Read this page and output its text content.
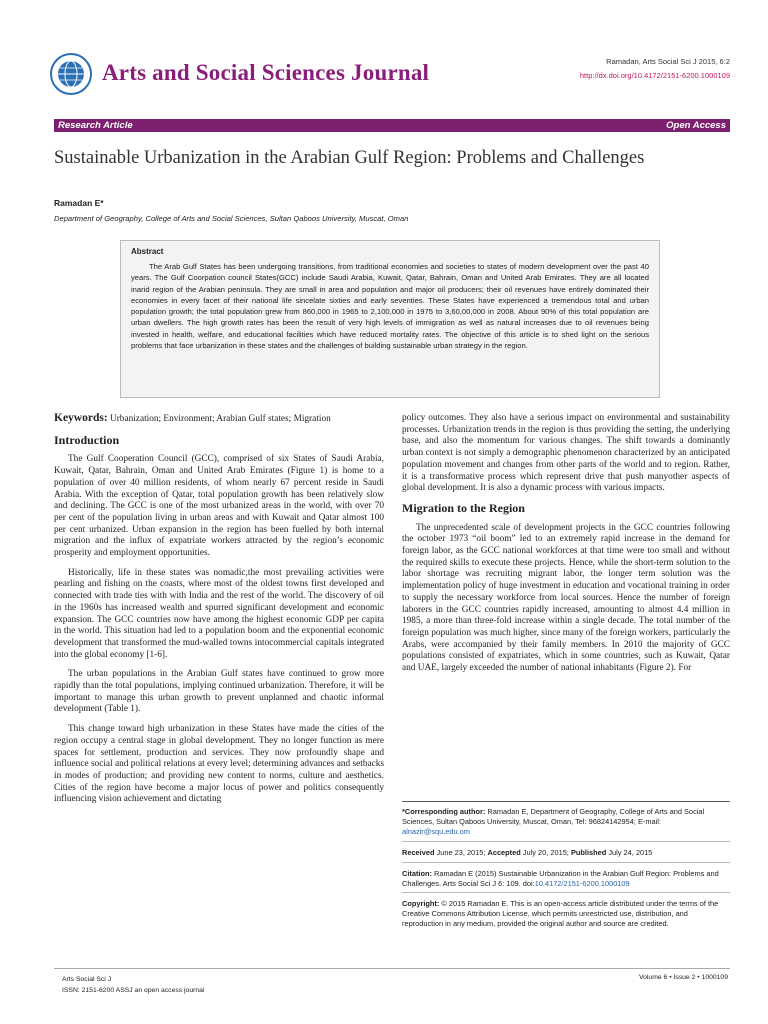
Arts and Social Sciences Journal	Ramadan, Arts Social Sci J 2015, 6:2
http://dx.doi.org/10.4172/2151-6200.1000109
Research Article	Open Access
Sustainable Urbanization in the Arabian Gulf Region: Problems and Challenges
Ramadan E*
Department of Geography, College of Arts and Social Sciences, Sultan Qaboos University, Muscat, Oman
Abstract

The Arab Gulf States has been undergoing transitions, from traditional economies and societies to states of modern development over the past 40 years. The Gulf Coorpation council States(GCC) include Saudi Arabia, Kuwait, Qatar, Bahrain, Oman and United Arab Emirates. They are all located inarid region of the Arabian peninsula. They are small in area and population and major oil producers; their oil revenues have entirely dominated their economies in every facet of their national life sincelate sixties and early seventies. These States have experienced a tremendous total and urban population growth; the total population grew from 860,000 in 1965 to 2,100,000 in 1975 to 3,60,00,000 in 2008. About 90% of this total population are urban dwellers. The high growth rates has been the result of very high levels of immigration as well as natural increases due to oil revenues being invested in health, welfare, and educational facilities which have reduced mortality rates. The objective of this article is to shed light on the serious problems that face urbanization in these states and the challenges of building sustainable urban strategy in the region.

Keywords: Urbanization; Environment; Arabian Gulf states; Migration
Introduction

The Gulf Cooperation Council (GCC), comprised of six States of Saudi Arabia, Kuwait, Qatar, Bahrain, Oman and United Arab Emirates (Figure 1) is home to a population of over 40 million residents, of whom nearly 67 percent reside in Saudi Arabia. With the exception of Qatar, total population growth has been relatively slow and declining. The GCC is one of the most urbanized areas in the world, with over 70 per cent of the population living in urban areas and with Kuwait and Qatar almost 100 per cent urbanized. Urban expansion in the region has been fuelled by both internal migration and the influx of expatriate workers attracted by the region’s economic prosperity and employment opportunities.

Historically, life in these states was nomadic,the most prevailing activities were pearling and fishing on the coasts, where most of the oldest towns first developed and connected with trade ties with with India and the rest of the world. The discovery of oil in the 1960s has increased wealth and spurred significant development and economic expansion. The GCC countries now have among the highest economic GDP per capita in the world. This situation had led to a population boom and the exponential economic development that transformed the mud-walled towns intocommercial capitals integrated into the global economy [1-6].

The urban populations in the Arabian Gulf states have continued to grow more rapidly than the total populations, implying continued urbanization. Therefore, it will be important to manage this urban growth to prevent unplanned and chaotic informal development (Table 1).

This change toward high urbanization in these States have made the cities of the region occupy a central stage in global development. They no longer function as mere spaces for settlement, production and services. They now profoundly shape and influence social and political relations at every level; determining advances and setbacks in modes of production; and providing new content to norms, culture and aesthetics. Cities of the region have become a major locus of power and politics consequently influencing vision achievement and dictating

policy outcomes. They also have a serious impact on environmental and sustainability processes. Urbanization trends in the region is thus providing the setting, the underlying base, and also the momentum for various changes. The shift towards a dominantly urban context is not simply a demographic phenomenon characterized by an anticipated population movement and changes from other parts of the world and to region. Rather, it is a transformative process which represent drive that push manyother aspects of global development. It is also a dynamic process with various impacts.

Migration to the Region

The unprecedented scale of development projects in the GCC countries following the october 1973 “oil boom” led to an extremely rapid increase in the demand for foreign labor, as the GCC national workforces at that time were too small and without the required skills to execute these projects. Hence, while the short-term solution to the labor shortage was recruiting migrant labor, the longer term solution was the implementation policy of huge investment in education and vocational training in order to supply the necessary workforce from local sources. Hence the number of foreign laborers in the GCC countries rapidly increased, amounting to almost 4.4 million in 1985, a more than three-fold increase within a single decade. The total number of the foreign population was much higher, since many of the foreign workers, particularly the Arabs, were accompanied by their family members. In 2010 the majority of GCC populations consisted of expatriates, which in some countries, such as Kuwait, Qatar and UAE, largely exceeded the number of national inhabitants (Figure 2). For

*Corresponding author: Ramadan E, Department of Geography, College of Arts and Social Sciences, Sultan Qaboos University, Muscat, Oman, Tel: 96824142954; E-mail: alnazir@squ.edu.om

Received June 23, 2015; Accepted July 20, 2015; Published July 24, 2015

Citation: Ramadan E (2015) Sustainable Urbanization in the Arabian Gulf Region: Problems and Challenges. Arts Social Sci J 6: 109. doi:10.4172/2151-6200.1000109

Copyright: © 2015 Ramadan E. This is an open-access article distributed under the terms of the Creative Commons Attribution License, which permits unrestricted use, distribution, and reproduction in any medium, provided the original author and source are credited.

Arts Social Sci J
ISSN: 2151-6200 ASSJ an open access journal
Volume 6 • Issue 2 • 1000109
